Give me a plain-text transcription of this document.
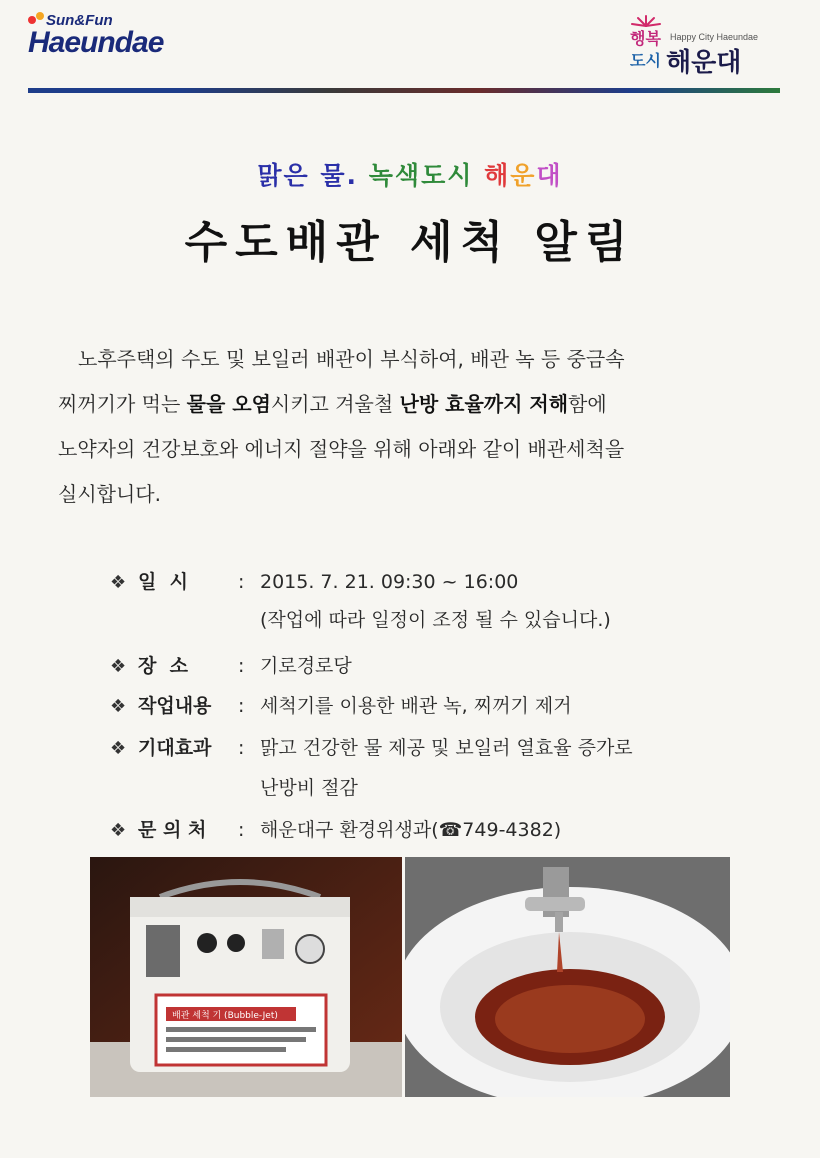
Sun&Fun
Haeundae	행복 Happy City Haeundae
도시 해운대
맑은 물. 녹색도시 해운대
수도배관 세척 알림
노후주택의 수도 및 보일러 배관이 부식하여, 배관 녹 등 중금속
찌꺼기가 먹는 물을 오염시키고 겨울철 난방 효율까지 저해함에
노약자의 건강보호와 에너지 절약을 위해 아래와 같이 배관세척을
실시합니다.
❖ 일  시	: 2015. 7. 21. 09:30 ~ 16:00
(작업에 따라 일정이 조정 될 수 있습니다.)
❖ 장  소	: 기로경로당
❖ 작업내용 : 세척기를 이용한 배관 녹, 찌꺼기 제거
❖ 기대효과 : 맑고 건강한 물 제공 및 보일러 열효율 증가로
난방비 절감
❖ 문 의 처 : 해운대구 환경위생과(☎749-4382)
배관 세척 기 (Bubble-Jet)
